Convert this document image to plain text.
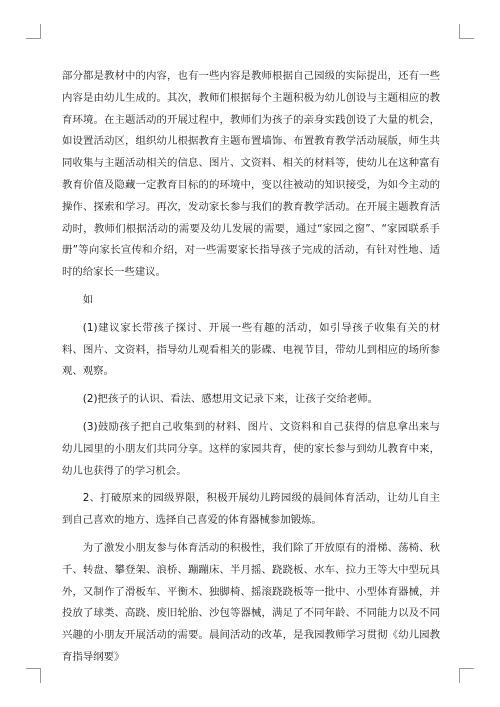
部分都是教材中的内容，也有一些内容是教师根据自己园级的实际提出，还有一些内容是由幼儿生成的。其次，教师们根据每个主题积极为幼儿创设与主题相应的教育环境。在主题活动的开展过程中，教师们为孩子的亲身实践创设了大量的机会，如设置活动区，组织幼儿根据教育主题布置墙饰、布置教育教学活动展版，师生共同收集与主题活动相关的信息、图片、文资料、相关的材料等，使幼儿在这种富有教育价值及隐藏一定教育目标的的环境中，变以往被动的知识接受，为如今主动的操作、探索和学习。再次，发动家长参与我们的教育教学活动。在开展主题教育活动时，教师们根据活动的需要及幼儿发展的需要，通过“家园之窗”、“家园联系手册”等向家长宣传和介绍，对一些需要家长指导孩子完成的活动，有针对性地、适时的给家长一些建议。

如

(1)建议家长带孩子探讨、开展一些有趣的活动，如引导孩子收集有关的材料、图片、文资料，指导幼儿观看相关的影碟、电视节目，带幼儿到相应的场所参观、观察。

(2)把孩子的认识、看法、感想用文记录下来，让孩子交给老师。

(3)鼓励孩子把自己收集到的材料、图片、文资料和自己获得的信息拿出来与幼儿园里的小朋友们共同分享。这样的家园共育，使的家长参与到幼儿教育中来，幼儿也获得了的学习机会。

2、打破原来的园级界限，积极开展幼儿跨园级的晨间体育活动，让幼儿自主到自己喜欢的地方、选择自己喜爱的体育器械参加锻炼。

为了激发小朋友参与体育活动的积极性，我们除了开放原有的滑梯、荡椅、秋千、转盘、攀登架、浪桥、蹦蹦床、半月摇、跷跷板、水车、拉力王等大中型玩具外，又制作了滑板车、平衡木、独脚椅、摇滚跷跷板等一批中、小型体育器械，并投放了球类、高跷、废旧轮胎、沙包等器械，满足了不同年龄、不同能力以及不同兴趣的小朋友开展活动的需要。晨间活动的改革，是我园教师学习贯彻《幼儿园教育指导纲要》
